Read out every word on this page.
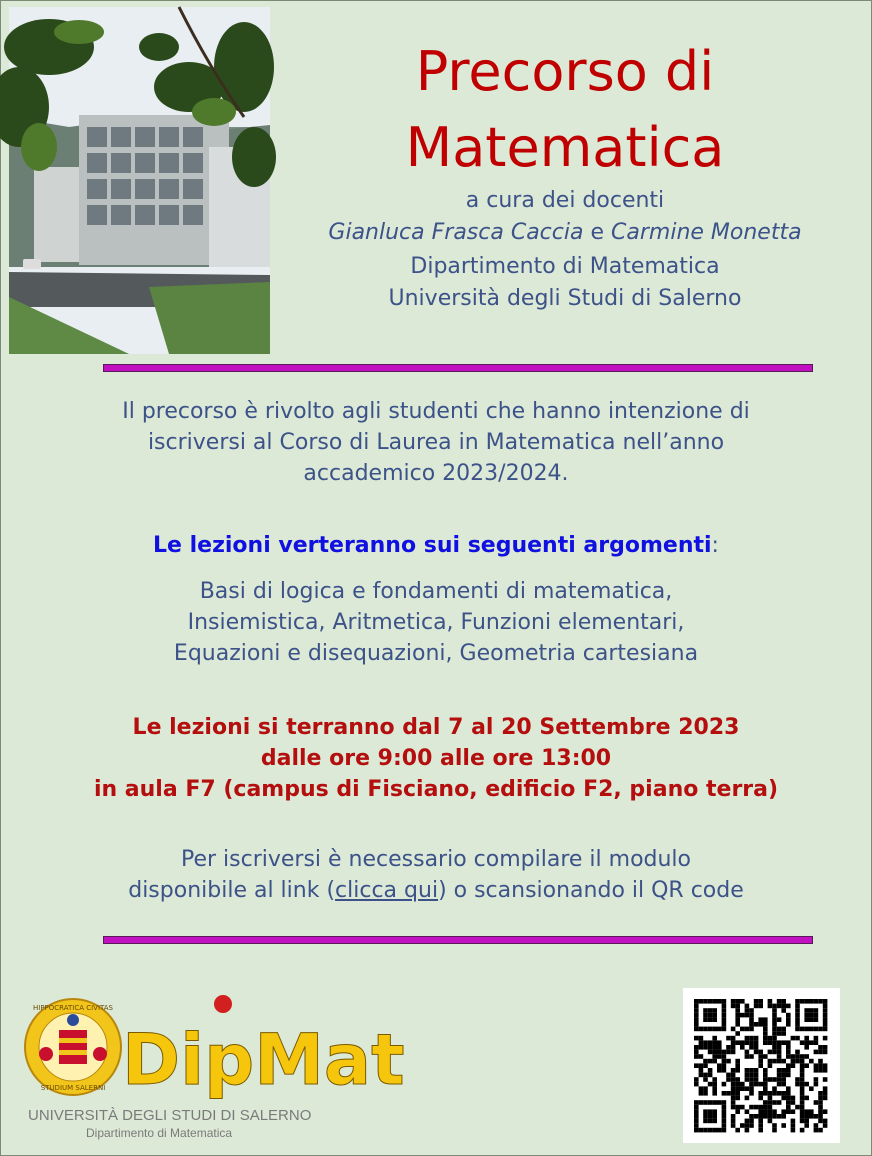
Precorso di
Matematica
a cura dei docenti
Gianluca Frasca Caccia e Carmine Monetta
Dipartimento di Matematica
Università degli Studi di Salerno
Il precorso è rivolto agli studenti che hanno intenzione di
iscriversi al Corso di Laurea in Matematica nell’anno
accademico 2023/2024.
Le lezioni verteranno sui seguenti argomenti:
Basi di logica e fondamenti di matematica,
Insiemistica, Aritmetica, Funzioni elementari,
Equazioni e disequazioni, Geometria cartesiana
Le lezioni si terranno dal 7 al 20 Settembre 2023
dalle ore 9:00 alle ore 13:00
in aula F7 (campus di Fisciano, edificio F2, piano terra)
Per iscriversi è necessario compilare il modulo
disponibile al link (clicca qui) o scansionando il QR code
HIPPOCRATICA CIVITAS
STUDIUM SALERNI DipMat
UNIVERSITÀ DEGLI STUDI DI SALERNO
Dipartimento di Matematica
